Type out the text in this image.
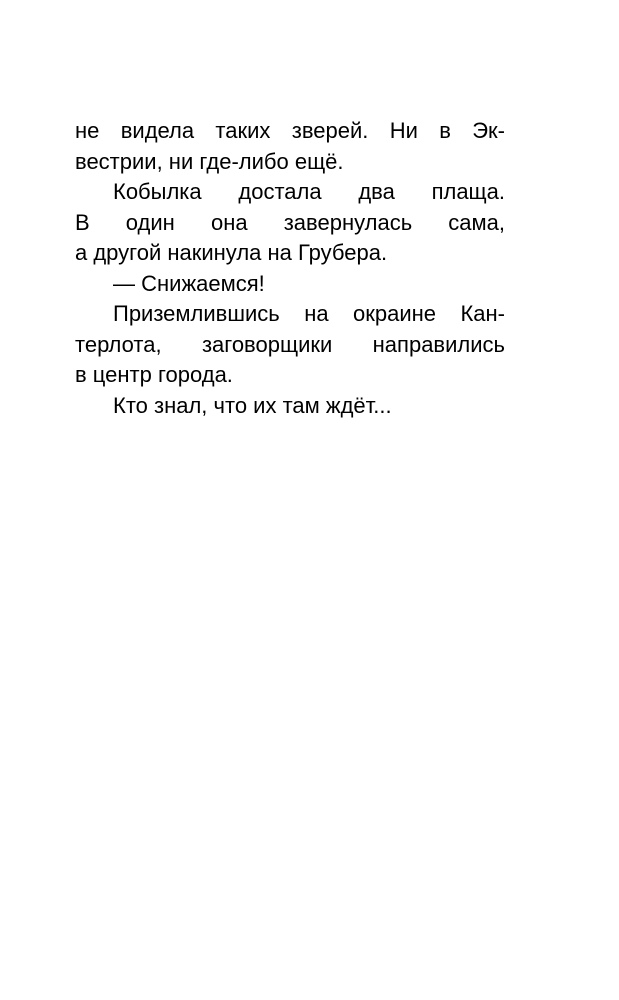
не видела таких зверей. Ни в Эк-
вестрии, ни где-либо ещё.
Кобылка достала два плаща.
В один она завернулась сама,
а другой накинула на Грубера.
— Снижаемся!
Приземлившись на окраине Кан-
терлота, заговорщики направились
в центр города.
Кто знал, что их там ждёт...
